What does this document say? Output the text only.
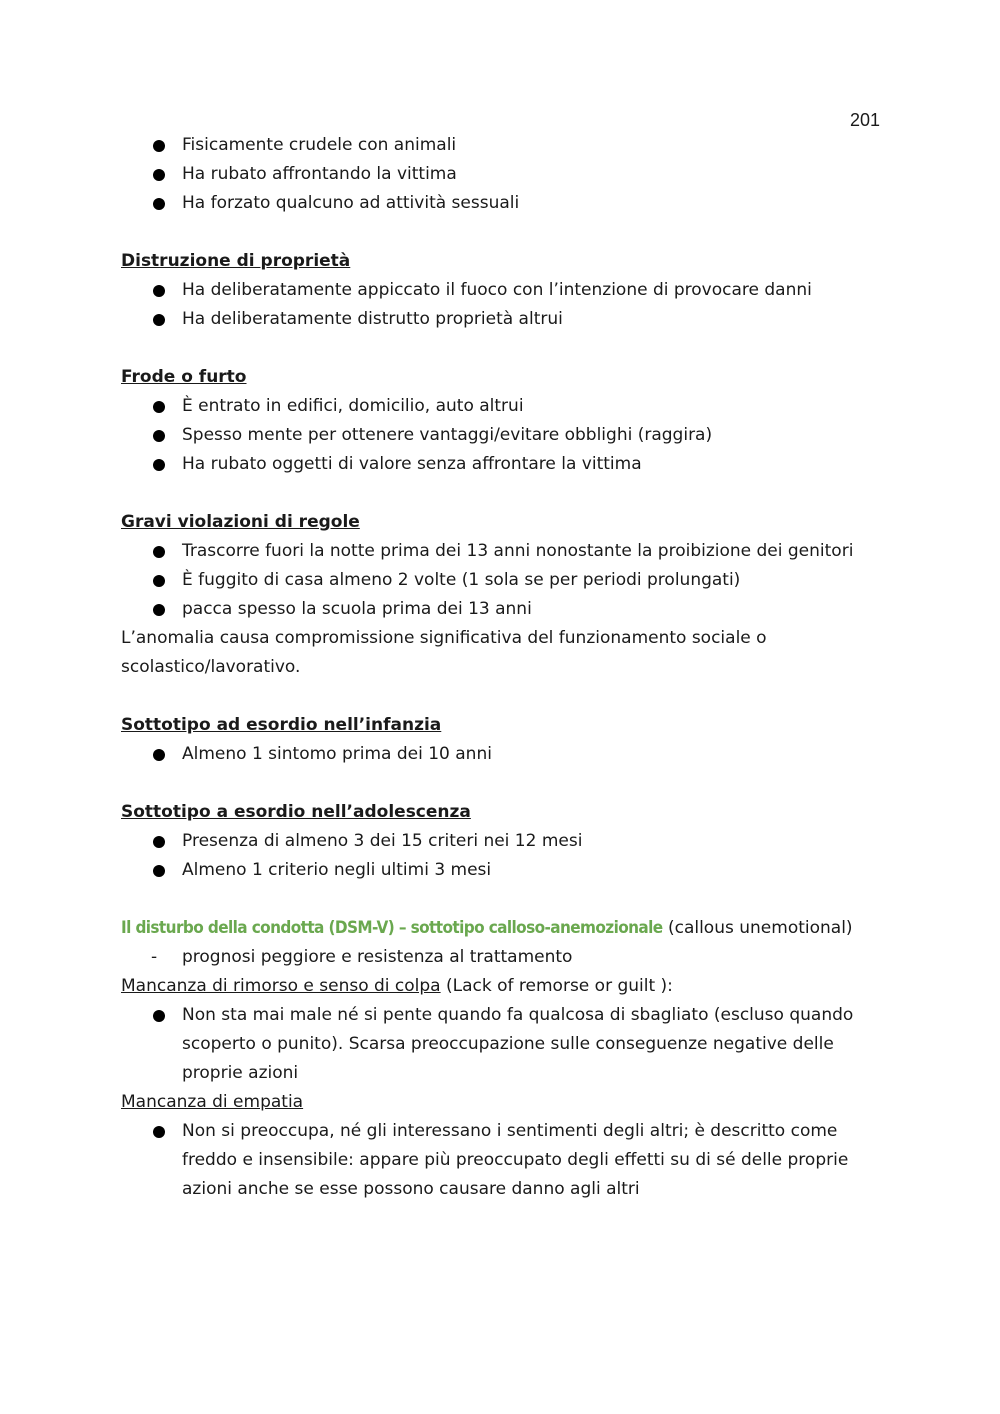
201
Fisicamente crudele con animali
Ha rubato affrontando la vittima
Ha forzato qualcuno ad attività sessuali
Distruzione di proprietà
Ha deliberatamente appiccato il fuoco con l’intenzione di provocare danni
Ha deliberatamente distrutto proprietà altrui
Frode o furto
È entrato in edifici, domicilio, auto altrui
Spesso mente per ottenere vantaggi/evitare obblighi (raggira)
Ha rubato oggetti di valore senza affrontare la vittima
Gravi violazioni di regole
Trascorre fuori la notte prima dei 13 anni nonostante la proibizione dei genitori
È fuggito di casa almeno 2 volte (1 sola se per periodi prolungati)
pacca spesso la scuola prima dei 13 anni
L’anomalia causa compromissione significativa del funzionamento sociale o
scolastico/lavorativo.
Sottotipo ad esordio nell’infanzia
Almeno 1 sintomo prima dei 10 anni
Sottotipo a esordio nell’adolescenza
Presenza di almeno 3 dei 15 criteri nei 12 mesi
Almeno 1 criterio negli ultimi 3 mesi
Il disturbo della condotta (DSM-V) – sottotipo calloso-anemozionale (callous unemotional)
- prognosi peggiore e resistenza al trattamento
Mancanza di rimorso e senso di colpa (Lack of remorse or guilt ):
Non sta mai male né si pente quando fa qualcosa di sbagliato (escluso quando scoperto o punito). Scarsa preoccupazione sulle conseguenze negative delle proprie azioni
Mancanza di empatia
Non si preoccupa, né gli interessano i sentimenti degli altri; è descritto come freddo e insensibile: appare più preoccupato degli effetti su di sé delle proprie azioni anche se esse possono causare danno agli altri
